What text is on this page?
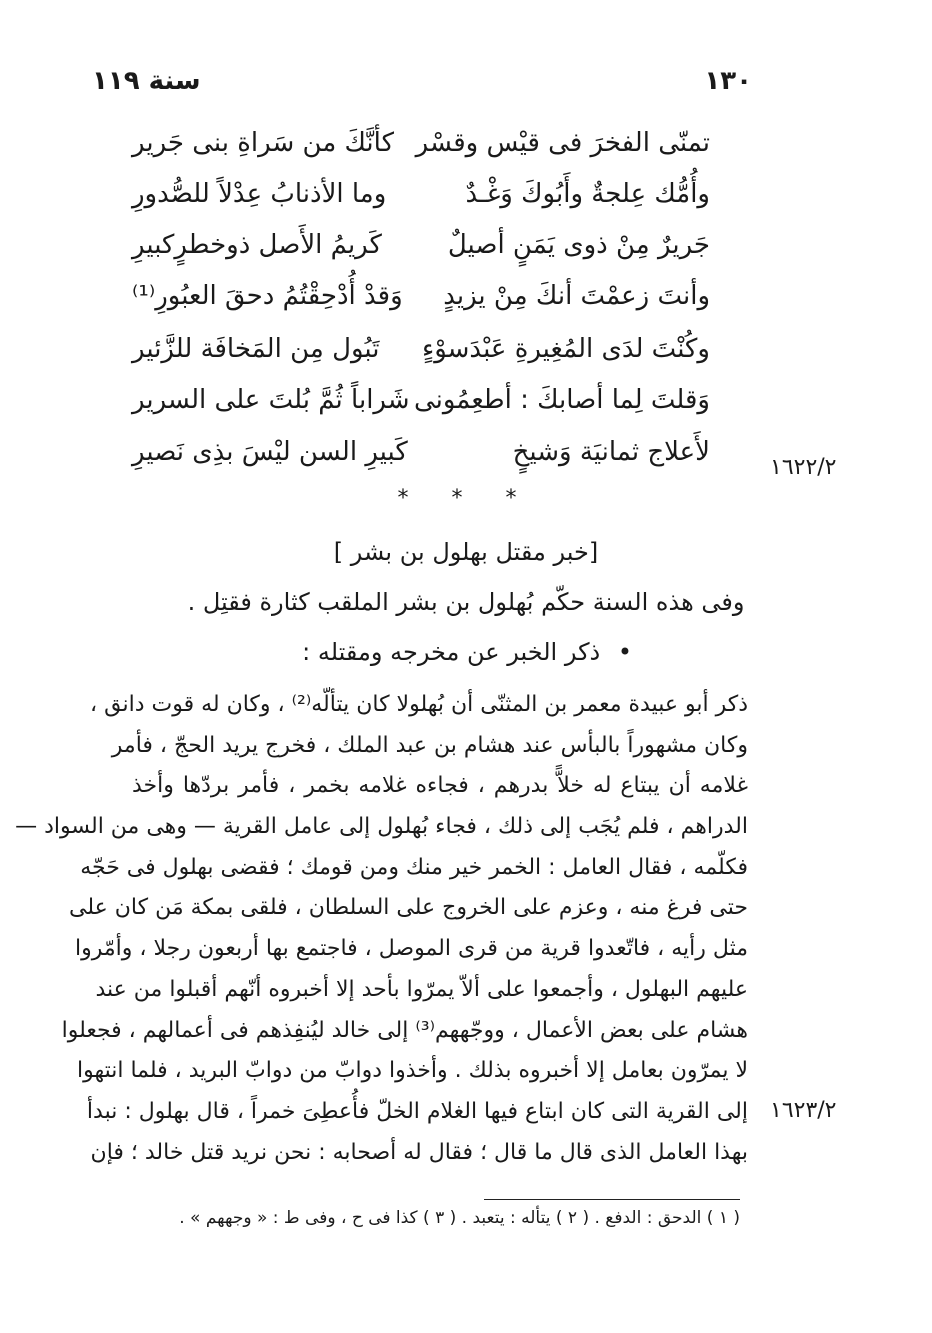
١٣٠
سنة ١١٩
تمنّى الفخرَ فى قيْس وقسْر
كأنَّكَ من سَراةِ بنى جَرير
وأُمُّك عِلجةٌ وأَبُوكَ وَغْـدٌ
وما الأذنابُ عِدْلاً للصُّدورِ
جَريرٌ مِنْ ذوى يَمَنٍ أصيلٌ
كَريمُ الأَصل ذوخطرٍكبيرِ
وأنتَ زعمْتَ أنكَ مِنْ يزيدٍ
وَقدْ أُدْحِقْتُمُ دحقَ العبُورِ⁽¹⁾
وكُنْتَ لدَى المُغِيرةِ عَبْدَسوْءٍ
تَبُول مِن المَخافَة للزَّئير
وَقلتَ لِما أصابكَ : أطعِمُونى
شَراباً ثُمَّ بُلتَ على السرير
لأَعلاج ثمانيَة وَشيخٍ
كَبيرِ السن ليْسَ بذِى نَصيرِ
١٦٢٢/٢
* * *
[خبر مقتل بهلول بن بشر ]
وفى هذه السنة حكّم بُهلول بن بشر الملقب كثارة فقتِل .
• ذكر الخبر عن مخرجه ومقتله :
ذكر أبو عبيدة معمر بن المثنّى أن بُهلولا كان يتألّه⁽²⁾ ، وكان له قوت دانق ،
وكان مشهوراً بالبأس عند هشام بن عبد الملك ، فخرج يريد الحجّ ، فأمر
غلامه أن يبتاع له خلاًّ بدرهم ، فجاءه غلامه بخمر ، فأمر بردّها وأخذ
الدراهم ، فلم يُجَب إلى ذلك ، فجاء بُهلول إلى عامل القرية — وهى من السواد —
فكلّمه ، فقال العامل : الخمر خير منك ومن قومك ؛ فقضى بهلول فى حَجّه
حتى فرغ منه ، وعزم على الخروج على السلطان ، فلقى بمكة مَن كان على
مثل رأيه ، فاتّعدوا قرية من قرى الموصل ، فاجتمع بها أربعون رجلا ، وأمّروا
عليهم البهلول ، وأجمعوا على ألاّ يمرّوا بأحد إلا أخبروه أنّهم أقبلوا من عند
هشام على بعض الأعمال ، ووجّههم⁽³⁾ إلى خالد ليُنفِذهم فى أعمالهم ، فجعلوا
لا يمرّون بعامل إلا أخبروه بذلك . وأخذوا دوابّ من دوابّ البريد ، فلما انتهوا
إلى القرية التى كان ابتاع فيها الغلام الخلّ فأُعطِىَ خمراً ، قال بهلول : نبدأ
بهذا العامل الذى قال ما قال ؛ فقال له أصحابه : نحن نريد قتل خالد ؛ فإن
١٦٢٣/٢
( ١ ) الدحق : الدفع . ( ٢ ) يتأله : يتعبد . ( ٣ ) كذا فى ح ، وفى ط : « وجههم » .
